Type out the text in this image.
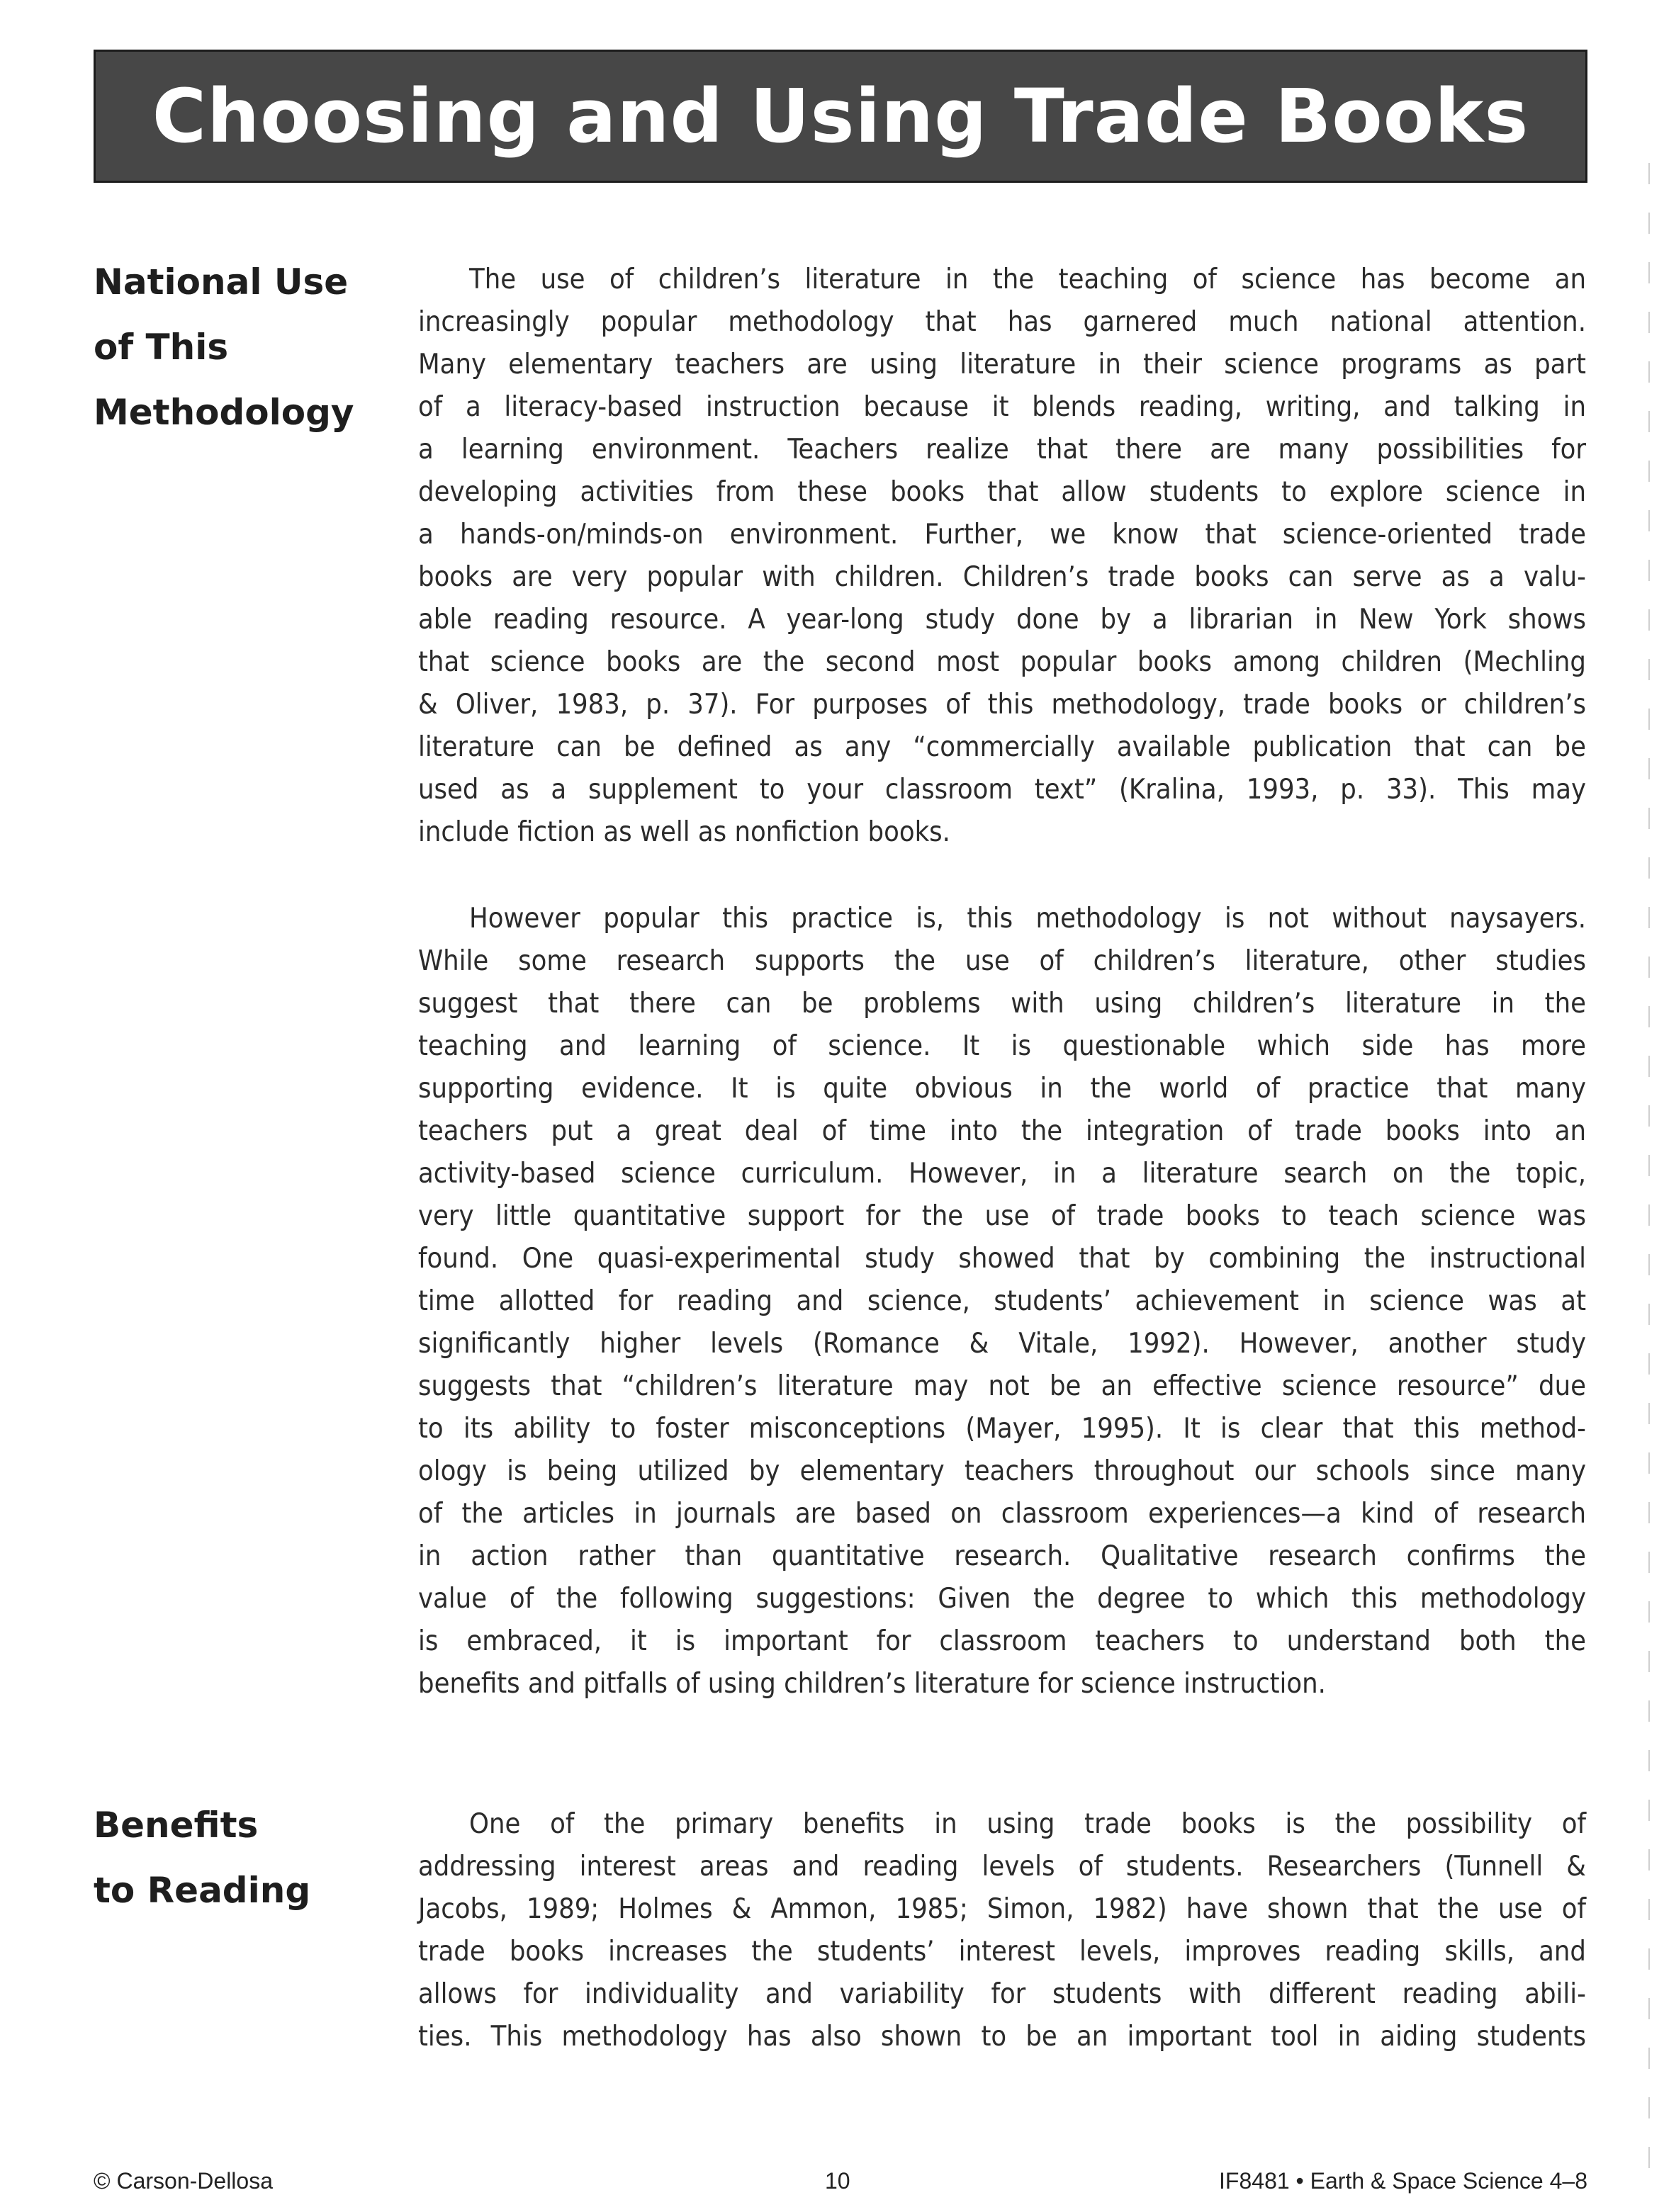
Choosing and Using Trade Books
National Use
of This
Methodology
The use of children’s literature in the teaching of science has become an
increasingly popular methodology that has garnered much national attention.
Many elementary teachers are using literature in their science programs as part
of a literacy-based instruction because it blends reading, writing, and talking in
a learning environment. Teachers realize that there are many possibilities for
developing activities from these books that allow students to explore science in
a hands-on/minds-on environment. Further, we know that science-oriented trade
books are very popular with children. Children’s trade books can serve as a valu-
able reading resource. A year-long study done by a librarian in New York shows
that science books are the second most popular books among children (Mechling
& Oliver, 1983, p. 37). For purposes of this methodology, trade books or children’s
literature can be defined as any “commercially available publication that can be
used as a supplement to your classroom text” (Kralina, 1993, p. 33). This may
include fiction as well as nonfiction books.
However popular this practice is, this methodology is not without naysayers.
While some research supports the use of children’s literature, other studies
suggest that there can be problems with using children’s literature in the
teaching and learning of science. It is questionable which side has more
supporting evidence. It is quite obvious in the world of practice that many
teachers put a great deal of time into the integration of trade books into an
activity-based science curriculum. However, in a literature search on the topic,
very little quantitative support for the use of trade books to teach science was
found. One quasi-experimental study showed that by combining the instructional
time allotted for reading and science, students’ achievement in science was at
significantly higher levels (Romance & Vitale, 1992). However, another study
suggests that “children’s literature may not be an effective science resource” due
to its ability to foster misconceptions (Mayer, 1995). It is clear that this method-
ology is being utilized by elementary teachers throughout our schools since many
of the articles in journals are based on classroom experiences—a kind of research
in action rather than quantitative research. Qualitative research confirms the
value of the following suggestions: Given the degree to which this methodology
is embraced, it is important for classroom teachers to understand both the
benefits and pitfalls of using children’s literature for science instruction.
Benefits
to Reading
One of the primary benefits in using trade books is the possibility of
addressing interest areas and reading levels of students. Researchers (Tunnell &
Jacobs, 1989; Holmes & Ammon, 1985; Simon, 1982) have shown that the use of
trade books increases the students’ interest levels, improves reading skills, and
allows for individuality and variability for students with different reading abili-
ties. This methodology has also shown to be an important tool in aiding students
© Carson-Dellosa	10	IF8481 • Earth & Space Science 4–8
